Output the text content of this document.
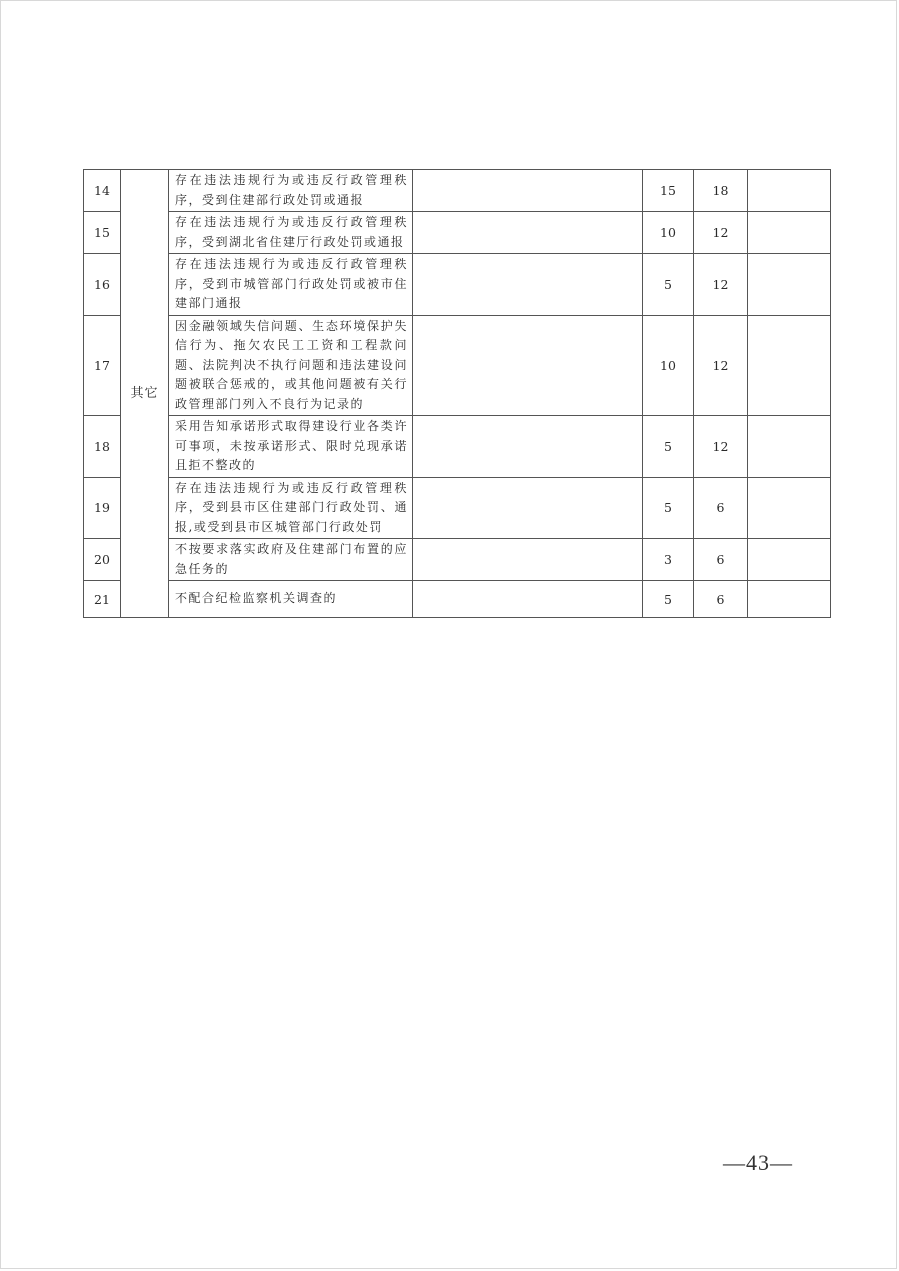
14	其它	存在违法违规行为或违反行政管理秩序，受到住建部行政处罚或通报		15	18	
15		存在违法违规行为或违反行政管理秩序，受到湖北省住建厅行政处罚或通报		10	12	
16		存在违法违规行为或违反行政管理秩序，受到市城管部门行政处罚或被市住建部门通报		5	12	
17		因金融领域失信问题、生态环境保护失信行为、拖欠农民工工资和工程款问题、法院判决不执行问题和违法建设问题被联合惩戒的，或其他问题被有关行政管理部门列入不良行为记录的		10	12	
18		采用告知承诺形式取得建设行业各类许可事项，未按承诺形式、限时兑现承诺且拒不整改的		5	12	
19		存在违法违规行为或违反行政管理秩序，受到县市区住建部门行政处罚、通报,或受到县市区城管部门行政处罚		5	6	
20		不按要求落实政府及住建部门布置的应急任务的		3	6	
21		不配合纪检监察机关调查的		5	6	
—43—
